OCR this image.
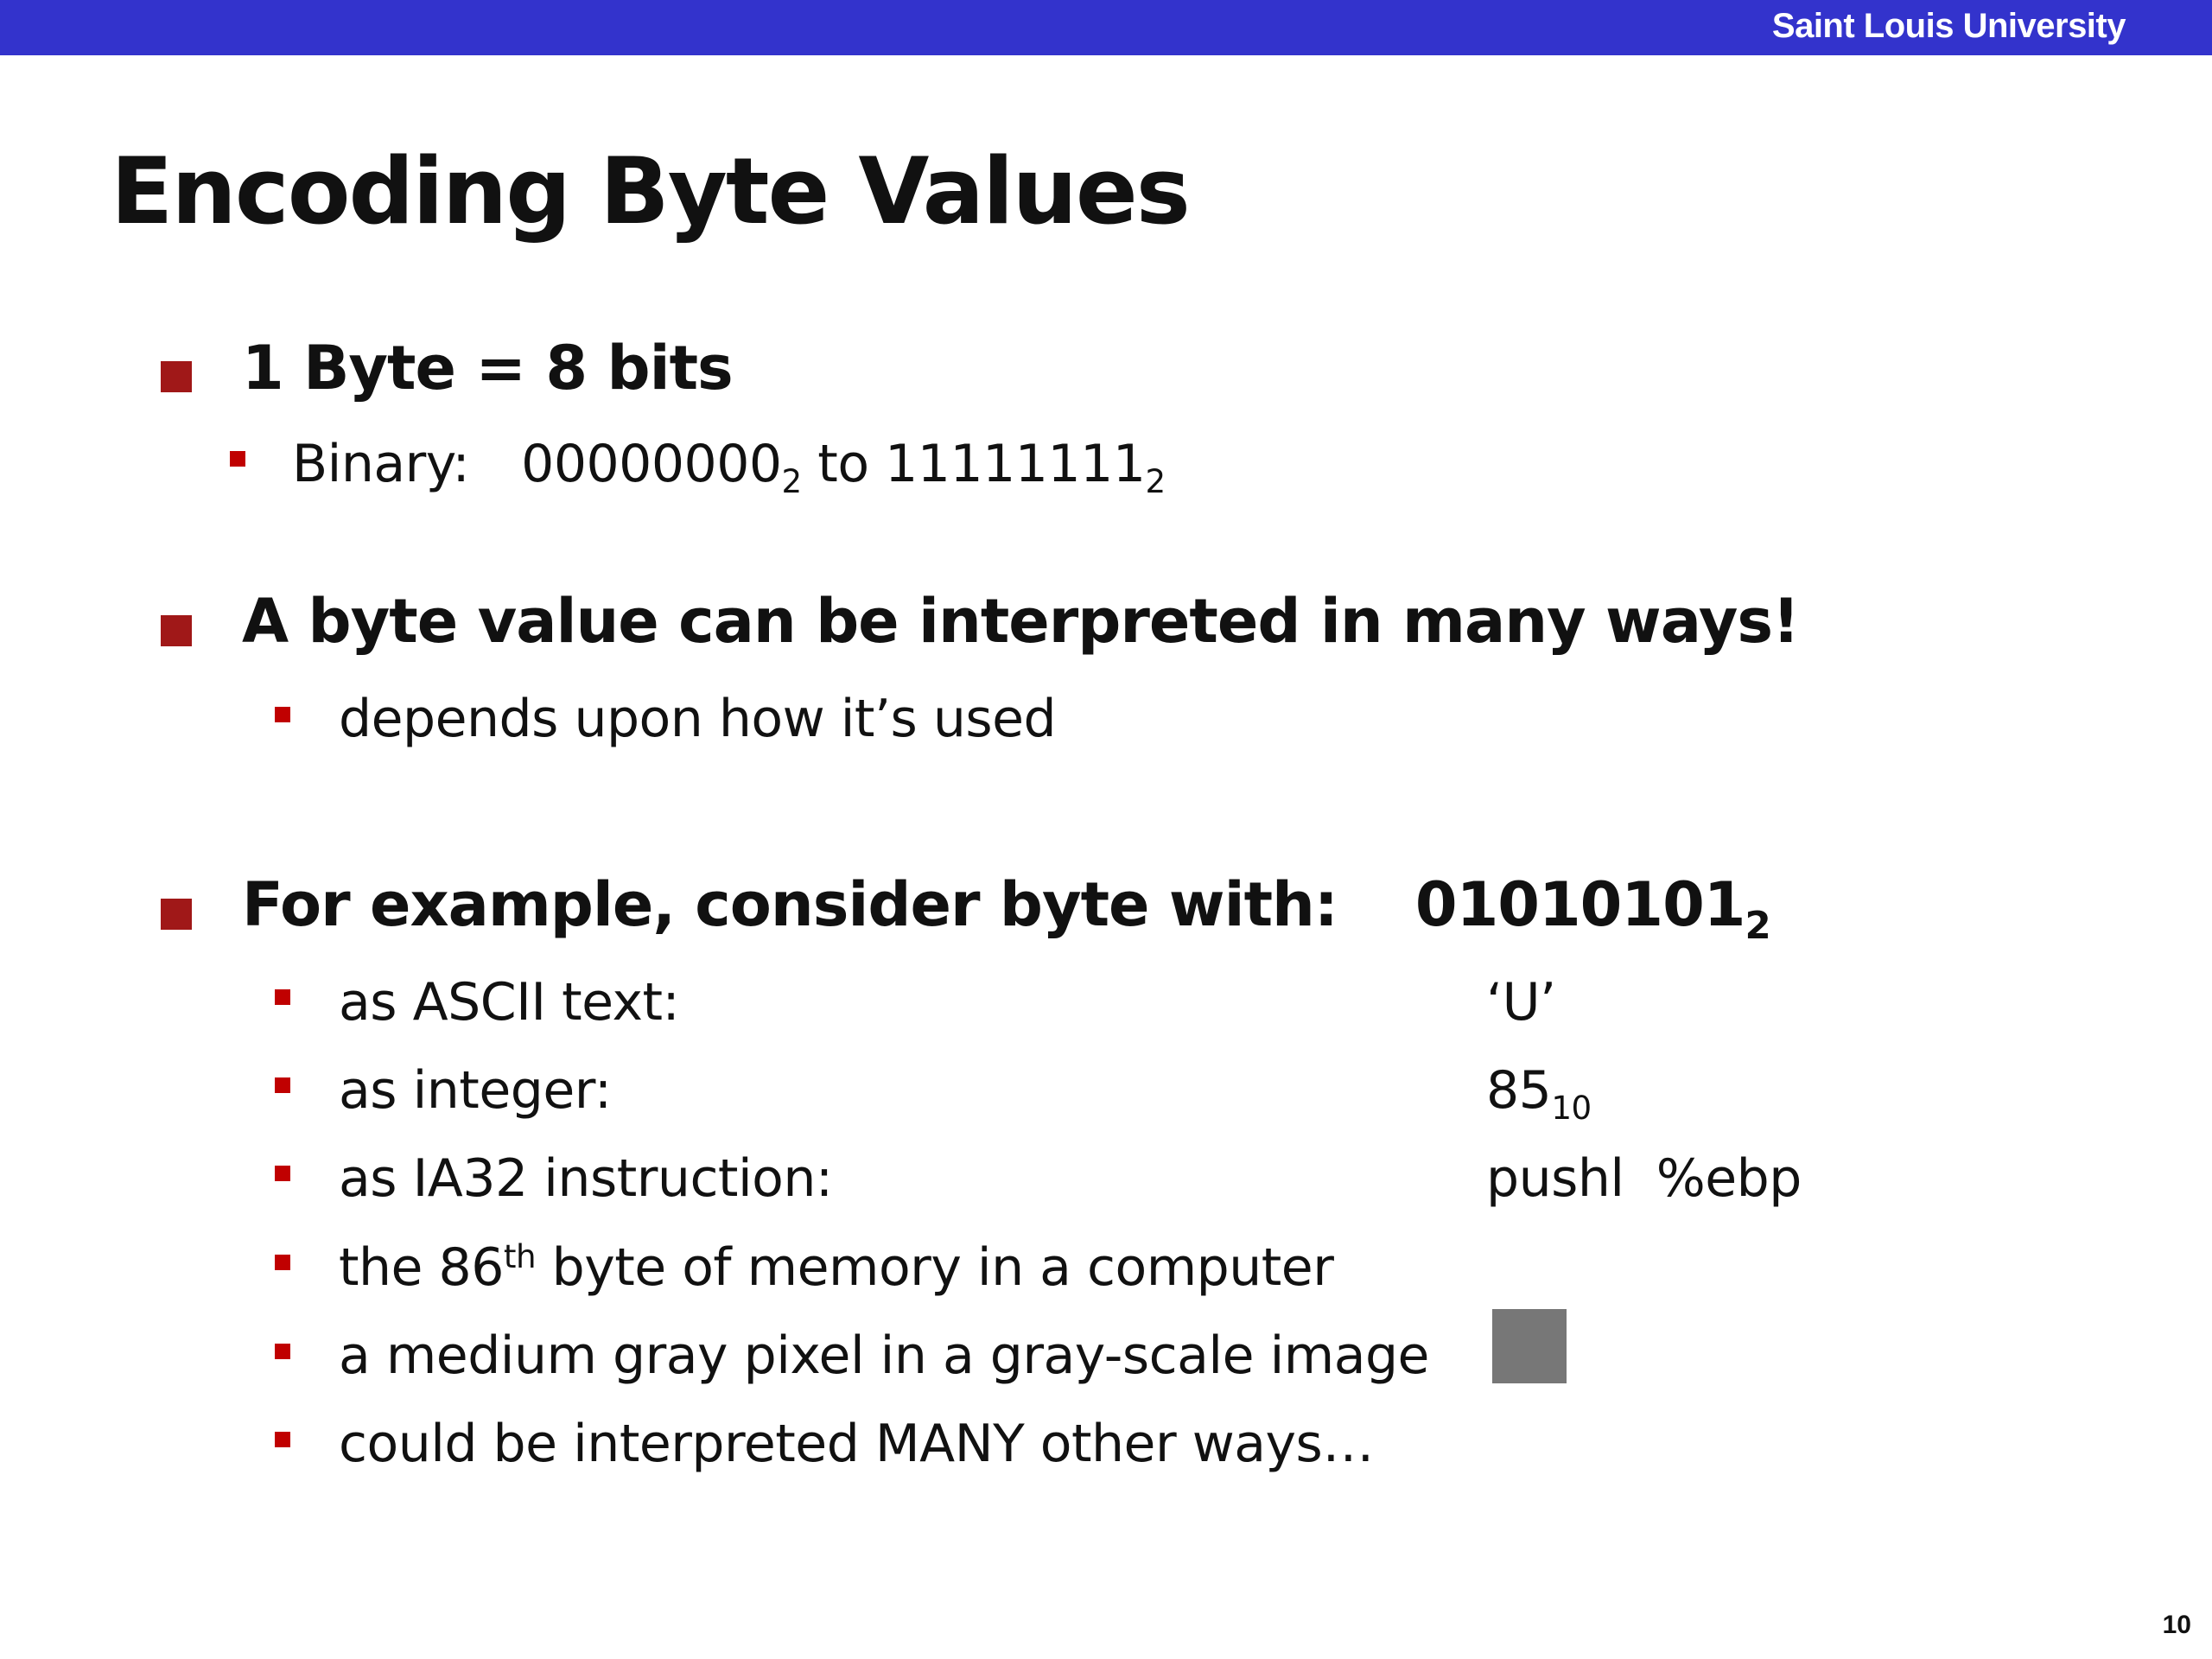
Saint Louis University
Encoding Byte Values
1 Byte = 8 bits
Binary: $00000000_2$ to $11111111_2$
A byte value can be interpreted in many ways!
depends upon how it’s used
For example, consider byte with: $01010101_2$
as ASCII text:	‘U’
as integer:	$85_{10}$
as IA32 instruction:	pushl  %ebp
the 86th byte of memory in a computer
a medium gray pixel in a gray-scale image
could be interpreted MANY other ways…
10
